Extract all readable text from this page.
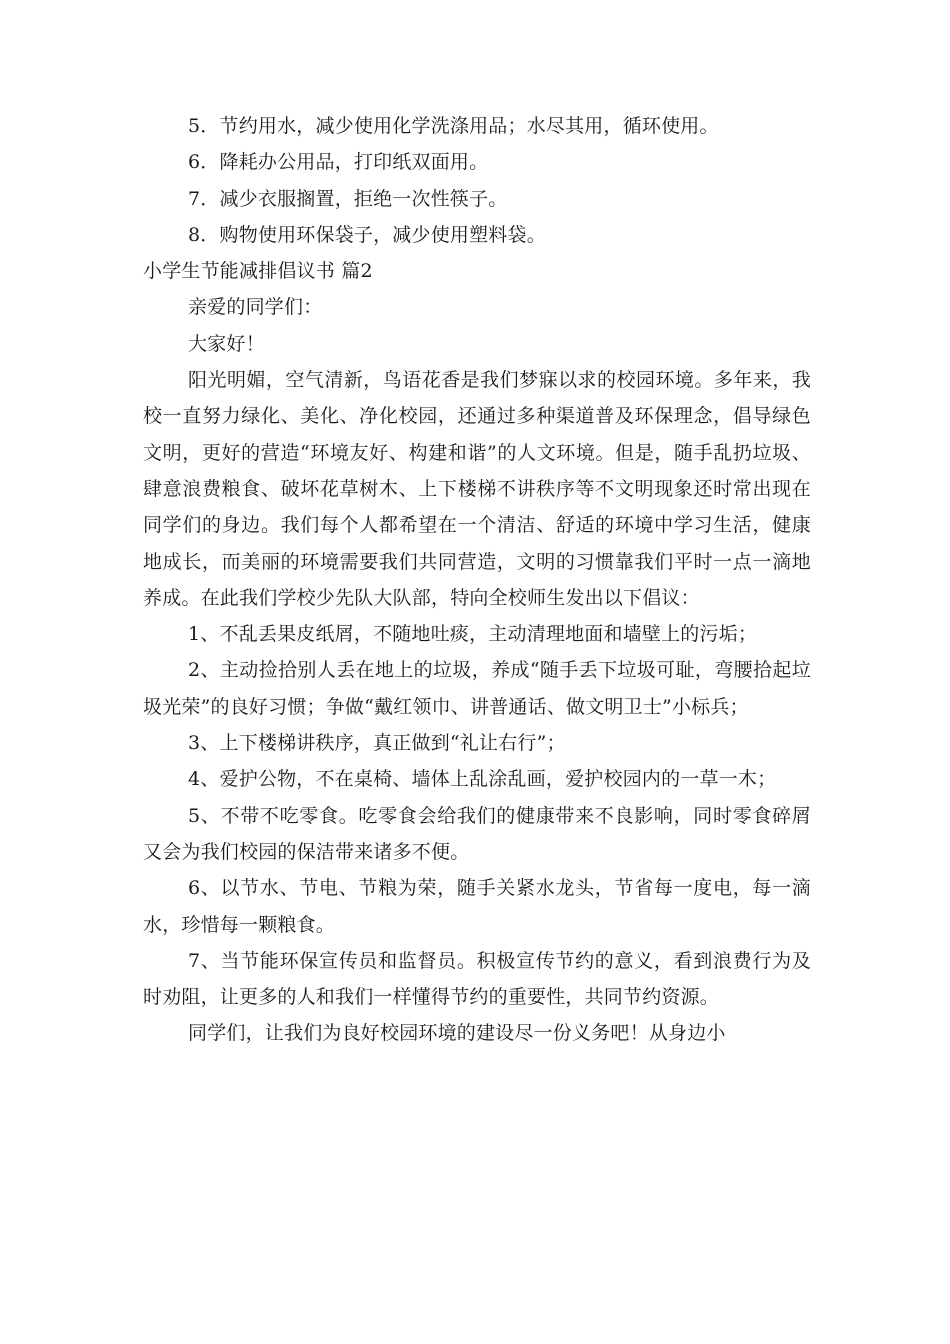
5．节约用水，减少使用化学洗涤用品；水尽其用，循环使用。

6．降耗办公用品，打印纸双面用。

7．减少衣服搁置，拒绝一次性筷子。

8．购物使用环保袋子，减少使用塑料袋。

小学生节能减排倡议书 篇2

亲爱的同学们：

大家好！

阳光明媚，空气清新，鸟语花香是我们梦寐以求的校园环境。多年来，我校一直努力绿化、美化、净化校园，还通过多种渠道普及环保理念，倡导绿色文明，更好的营造“环境友好、构建和谐”的人文环境。但是，随手乱扔垃圾、肆意浪费粮食、破坏花草树木、上下楼梯不讲秩序等不文明现象还时常出现在同学们的身边。我们每个人都希望在一个清洁、舒适的环境中学习生活，健康地成长，而美丽的环境需要我们共同营造，文明的习惯靠我们平时一点一滴地养成。在此我们学校少先队大队部，特向全校师生发出以下倡议：

1、不乱丢果皮纸屑，不随地吐痰，主动清理地面和墙壁上的污垢；

2、主动捡拾别人丢在地上的垃圾，养成“随手丢下垃圾可耻，弯腰拾起垃圾光荣”的良好习惯；争做“戴红领巾、讲普通话、做文明卫士”小标兵；

3、上下楼梯讲秩序，真正做到“礼让右行”；

4、爱护公物，不在桌椅、墙体上乱涂乱画，爱护校园内的一草一木；

5、不带不吃零食。吃零食会给我们的健康带来不良影响，同时零食碎屑又会为我们校园的保洁带来诸多不便。

6、以节水、节电、节粮为荣，随手关紧水龙头，节省每一度电，每一滴水，珍惜每一颗粮食。

7、当节能环保宣传员和监督员。积极宣传节约的意义，看到浪费行为及时劝阻，让更多的人和我们一样懂得节约的重要性，共同节约资源。

同学们，让我们为良好校园环境的建设尽一份义务吧！从身边小
